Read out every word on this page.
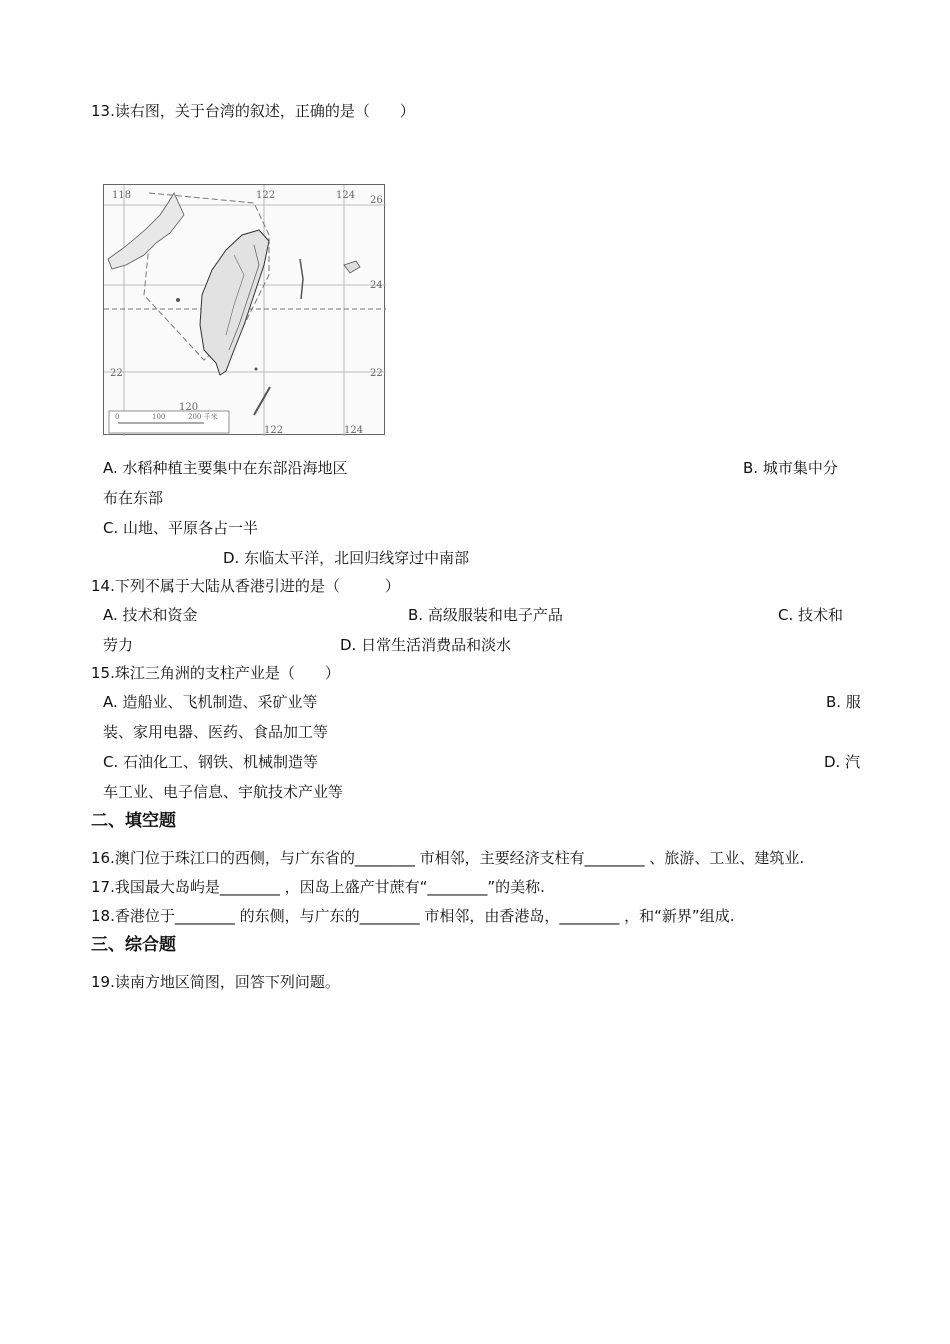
13.读右图，关于台湾的叙述，正确的是（　　）
118	122	124
120
122	124
26
24
22	22
0	100	200 千米
A. 水稻种植主要集中在东部沿海地区	B. 城市集中分
布在东部
C. 山地、平原各占一半
D. 东临太平洋，北回归线穿过中南部
14.下列不属于大陆从香港引进的是（　　　）
A. 技术和资金	B. 高级服装和电子产品	C. 技术和
劳力	D. 日常生活消费品和淡水
15.珠江三角洲的支柱产业是（　　）
A. 造船业、飞机制造、采矿业等	B. 服
装、家用电器、医药、食品加工等
C. 石油化工、钢铁、机械制造等	D. 汽
车工业、电子信息、宇航技术产业等
二、填空题
16.澳门位于珠江口的西侧，与广东省的________ 市相邻，主要经济支柱有________ 、旅游、工业、建筑业.
17.我国最大岛屿是________ ，因岛上盛产甘蔗有“________”的美称.
18.香港位于________ 的东侧，与广东的________ 市相邻，由香港岛，________ ，和“新界”组成.
三、综合题
19.读南方地区简图，回答下列问题。
